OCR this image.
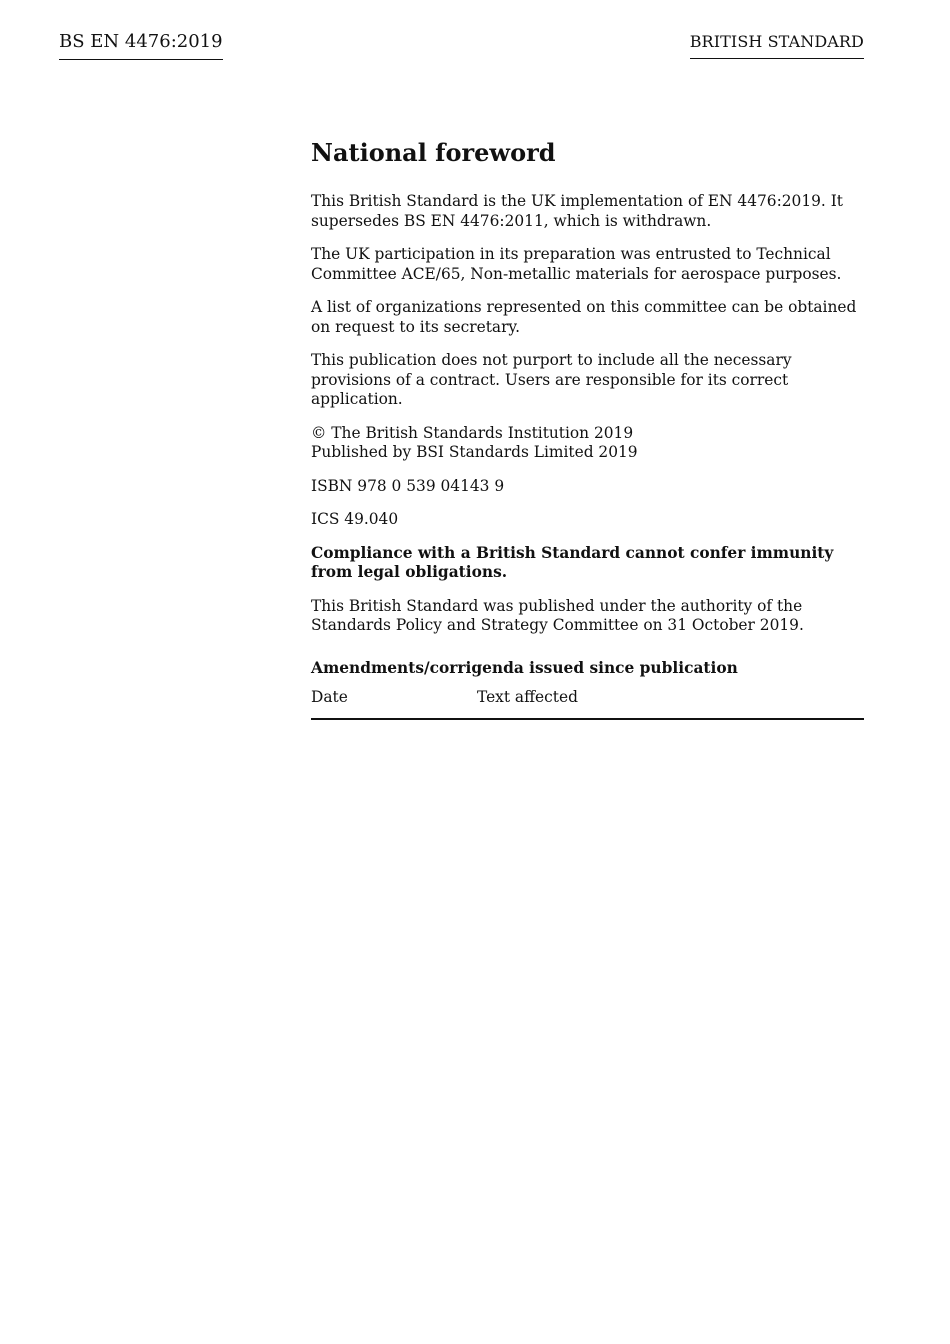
BS EN 4476:2019	BRITISH STANDARD
National foreword

This British Standard is the UK implementation of EN 4476:2019. It supersedes BS EN 4476:2011, which is withdrawn.

The UK participation in its preparation was entrusted to Technical Committee ACE/65, Non-metallic materials for aerospace purposes.

A list of organizations represented on this committee can be obtained on request to its secretary.

This publication does not purport to include all the necessary provisions of a contract. Users are responsible for its correct application.

© The British Standards Institution 2019
Published by BSI Standards Limited 2019

ISBN 978 0 539 04143 9

ICS 49.040

Compliance with a British Standard cannot confer immunity from legal obligations.

This British Standard was published under the authority of the Standards Policy and Strategy Committee on 31 October 2019.

Amendments/corrigenda issued since publication
Date	Text affected
